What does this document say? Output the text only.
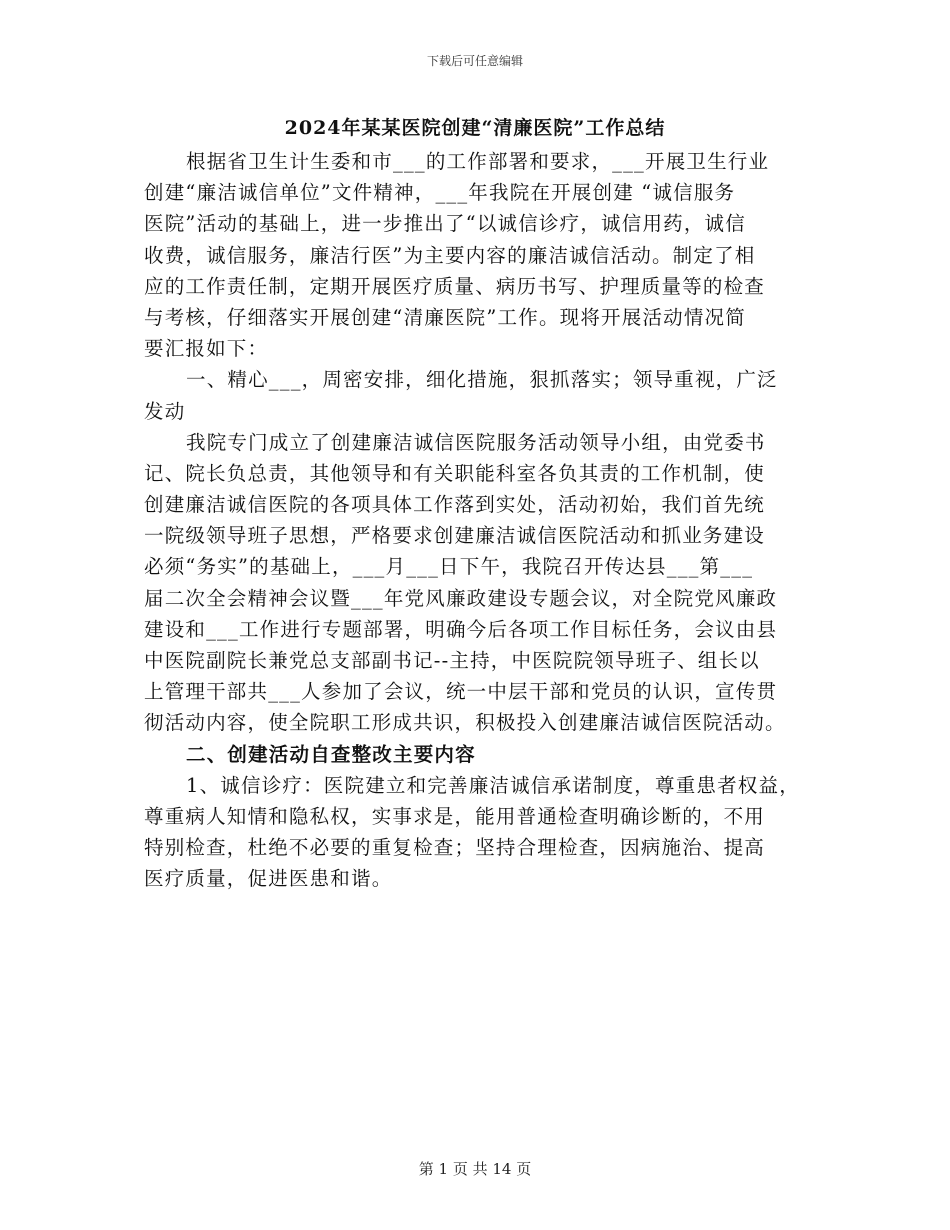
下载后可任意编辑
2024年某某医院创建“清廉医院”工作总结
根据省卫生计生委和市___的工作部署和要求，___开展卫生行业
创建“廉洁诚信单位”文件精神，___年我院在开展创建 “诚信服务
医院”活动的基础上，进一步推出了“以诚信诊疗，诚信用药，诚信
收费，诚信服务，廉洁行医”为主要内容的廉洁诚信活动。制定了相
应的工作责任制，定期开展医疗质量、病历书写、护理质量等的检查
与考核，仔细落实开展创建“清廉医院”工作。现将开展活动情况简
要汇报如下：
一、精心___，周密安排，细化措施，狠抓落实；领导重视，广泛
发动
我院专门成立了创建廉洁诚信医院服务活动领导小组，由党委书
记、院长负总责，其他领导和有关职能科室各负其责的工作机制，使
创建廉洁诚信医院的各项具体工作落到实处，活动初始，我们首先统
一院级领导班子思想，严格要求创建廉洁诚信医院活动和抓业务建设
必须“务实”的基础上，___月___日下午，我院召开传达县___第___
届二次全会精神会议暨___年党风廉政建设专题会议，对全院党风廉政
建设和___工作进行专题部署，明确今后各项工作目标任务，会议由县
中医院副院长兼党总支部副书记--主持，中医院院领导班子、组长以
上管理干部共___人参加了会议，统一中层干部和党员的认识，宣传贯
彻活动内容，使全院职工形成共识，积极投入创建廉洁诚信医院活动。
二、创建活动自查整改主要内容
1、诚信诊疗：医院建立和完善廉洁诚信承诺制度，尊重患者权益，
尊重病人知情和隐私权，实事求是，能用普通检查明确诊断的，不用
特别检查，杜绝不必要的重复检查；坚持合理检查，因病施治、提高
医疗质量，促进医患和谐。
第 1 页 共 14 页
